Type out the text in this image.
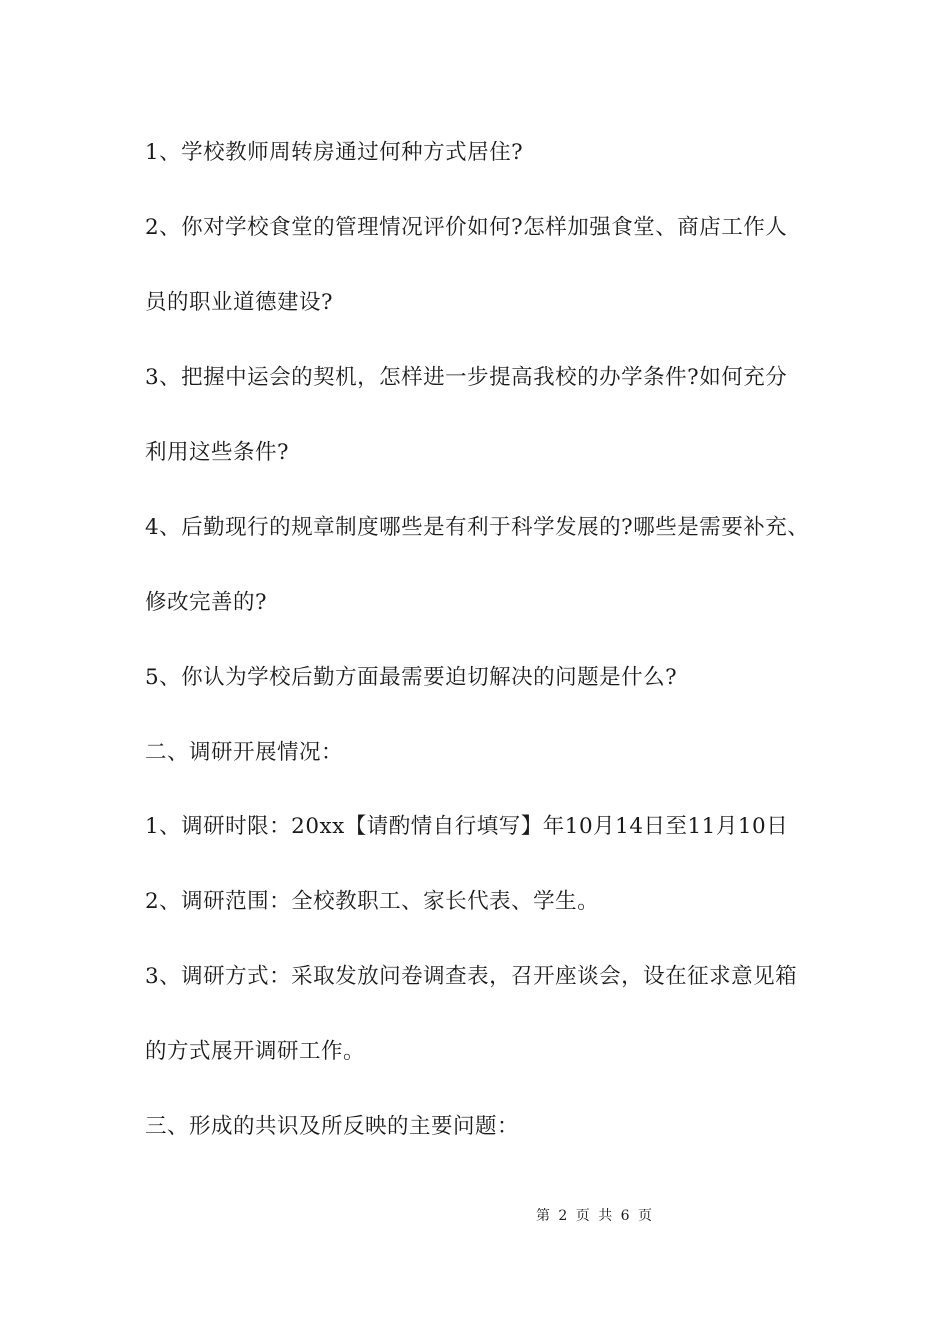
1、学校教师周转房通过何种方式居住?
2、你对学校食堂的管理情况评价如何?怎样加强食堂、商店工作人
员的职业道德建设?
3、把握中运会的契机，怎样进一步提高我校的办学条件?如何充分
利用这些条件?
4、后勤现行的规章制度哪些是有利于科学发展的?哪些是需要补充、
修改完善的?
5、你认为学校后勤方面最需要迫切解决的问题是什么?
二、调研开展情况：
1、调研时限：20xx【请酌情自行填写】年10月14日至11月10日
2、调研范围：全校教职工、家长代表、学生。
3、调研方式：采取发放问卷调查表，召开座谈会，设在征求意见箱
的方式展开调研工作。
三、形成的共识及所反映的主要问题：
第 2 页 共 6 页
